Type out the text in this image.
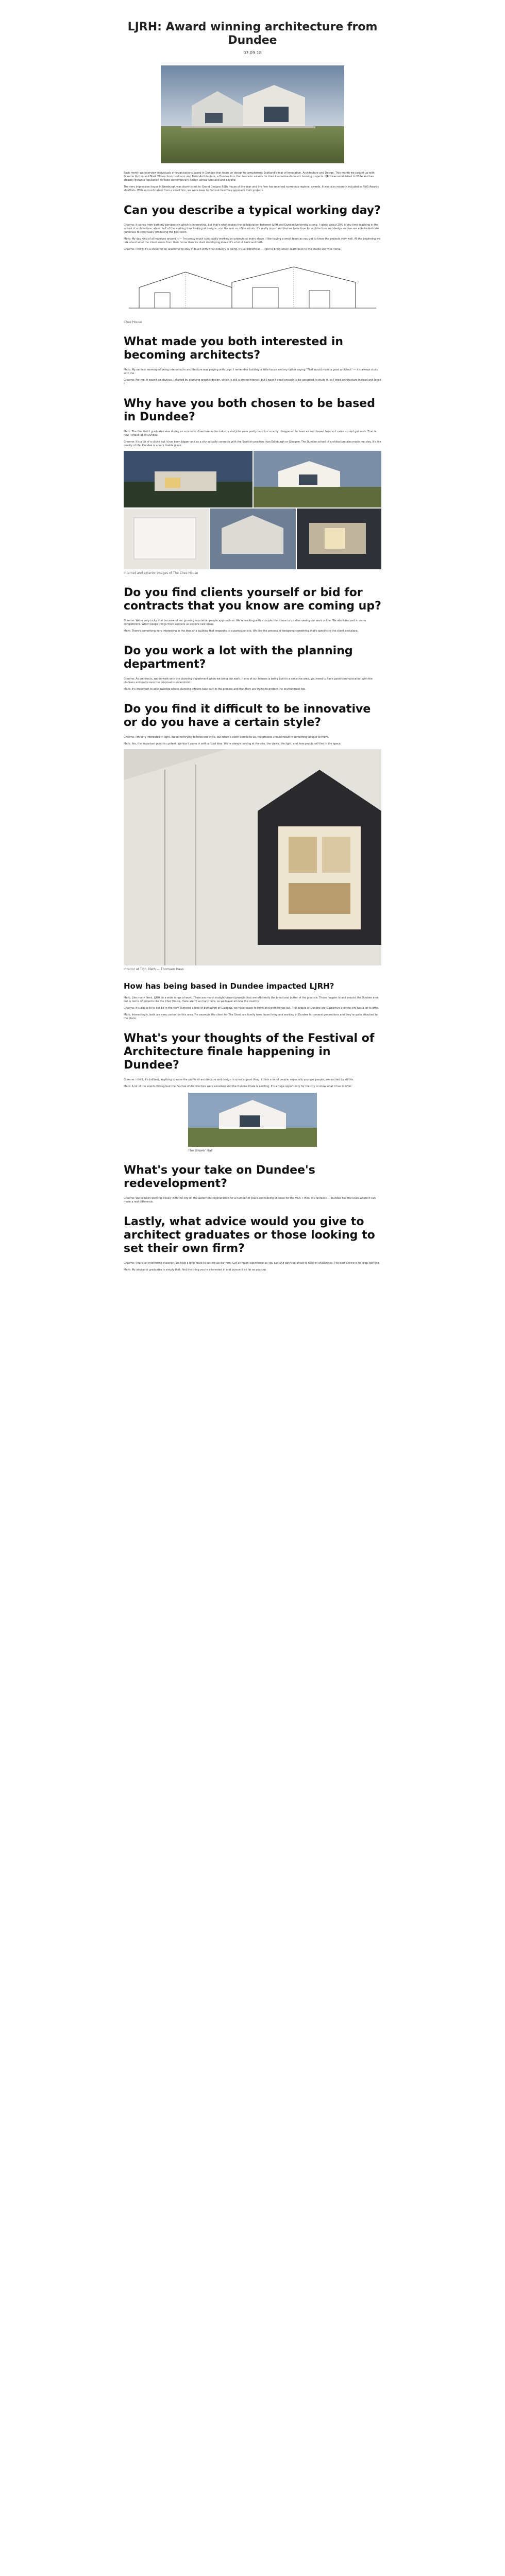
LJRH: Award winning architecture from Dundee
07.09.18

Each month we interview individuals or organisations based in Dundee that focus on design to complement Scotland's Year of Innovation, Architecture and Design. This month we caught up with Graeme Hutton and Mark Wilson from Lindhurst and Baird Architecture, a Dundee firm that has won awards for their innovative domestic housing projects. LJRH was established in 2014 and has steadily grown a reputation for bold contemporary design across Scotland and beyond.

The very impressive house in Newburgh was short-listed for Grand Designs RIBA House of the Year and the firm has received numerous regional awards. It was also recently included in RIAS Awards shortlists. With so much talent from a small firm, we were keen to find out how they approach their projects.

Can you describe a typical working day?

Graeme: It varies from both my perspective which is interesting, but that's what makes the collaboration between LJRH and Dundee University strong. I spend about 20% of my time teaching in the school of architecture, about half of the working time looking at designs, and the rest on office admin. It's really important that we have time for architecture and design and we are able to dedicate ourselves to continually producing the best work.

Mark: My day kind of all revolves around it — I'm pretty much continually working on projects at every stage. I like having a small team as you get to know the projects very well. At the beginning we talk about what the client wants from their home then we start developing ideas. It's a lot of back and forth.

Graeme: I think it's a shout for an academic to stay in touch with what industry is doing. It's all beneficial — I get to bring what I learn back to the studio and vice versa.

Chez House
What made you both interested in becoming architects?

Mark: My earliest memory of being interested in architecture was playing with Lego. I remember building a little house and my father saying "That would make a good architect" — it's always stuck with me.

Graeme: For me, it wasn't so obvious. I started by studying graphic design, which is still a strong interest, but I wasn't good enough to be accepted to study it, so I tried architecture instead and loved it.

Why have you both chosen to be based in Dundee?

Mark: The firm that I graduated was during an economic downturn in the industry and jobs were pretty hard to come by. I happened to have an aunt based here so I came up and got work. That is how I ended up in Dundee.

Graeme: It's a bit of a cliché but it has been bigger and as a city actually connects with the Scottish practice than Edinburgh or Glasgow. The Dundee school of architecture also made me stay. It's the quality of life; Dundee is a very livable place.

Internet and exterior images of The Chez House
Do you find clients yourself or bid for contracts that you know are coming up?

Graeme: We're very lucky that because of our growing reputation people approach us. We're working with a couple that came to us after seeing our work online. We also take part in some competitions, which keeps things fresh and lets us explore new ideas.

Mark: There's something very interesting in the idea of a building that responds to a particular site. We like the process of designing something that's specific to the client and place.

Do you work a lot with the planning department?

Graeme: As architects, we do work with the planning department when we bring out work. If one of our houses is being built in a sensitive area, you need to have good communication with the planners and make sure the proposal is understood.

Mark: It's important to acknowledge where planning officers take part in the process and that they are trying to protect the environment too.

Do you find it difficult to be innovative or do you have a certain style?

Graeme: I'm very interested in light. We're not trying to have one style, but when a client comes to us, the process should result in something unique to them.

Mark: Yes, the important point is context. We don't come in with a fixed idea. We're always looking at the site, the views, the light, and how people will live in the space.

Interior at Tigh Blath — Thomsen Haus
How has being based in Dundee impacted LJRH?

Mark: Like many firms, LJRH do a wide range of work. There are many straightforward projects that are efficiently the bread and butter of the practice. Those happen in and around the Dundee area but in terms of projects like the Chez House, there aren't as many here, so we travel all over the country.

Graeme: It's also nice to not be in the very cluttered scene of Edinburgh or Glasgow, we have space to think and work things out. The people of Dundee are supportive and the city has a lot to offer.

Mark: Interestingly, both are very content in this area. For example the client for The Shed, are family here, have living and working in Dundee for several generations and they're quite attached to the place.

What's your thoughts of the Festival of Architecture finale happening in Dundee?

Graeme: I think it's brilliant, anything to raise the profile of architecture and design in a really good thing. I think a lot of people, especially younger people, are excited by all this.

Mark: A lot of the events throughout the Festival of Architecture were excellent and the Dundee finale is exciting. It's a huge opportunity for the city to show what it has to offer.

The Brewer Hall
What's your take on Dundee's redevelopment?

Graeme: We've been working closely with the city on the waterfront regeneration for a number of years and looking at ideas for the V&A. I think it's fantastic — Dundee has the scale where it can make a real difference.

Lastly, what advice would you give to architect graduates or those looking to set their own firm?

Graeme: That's an interesting question, we took a long route to setting up our firm. Get as much experience as you can and don't be afraid to take on challenges. The best advice is to keep learning.

Mark: My advice to graduates is simply that: find the thing you're interested in and pursue it as far as you can.
